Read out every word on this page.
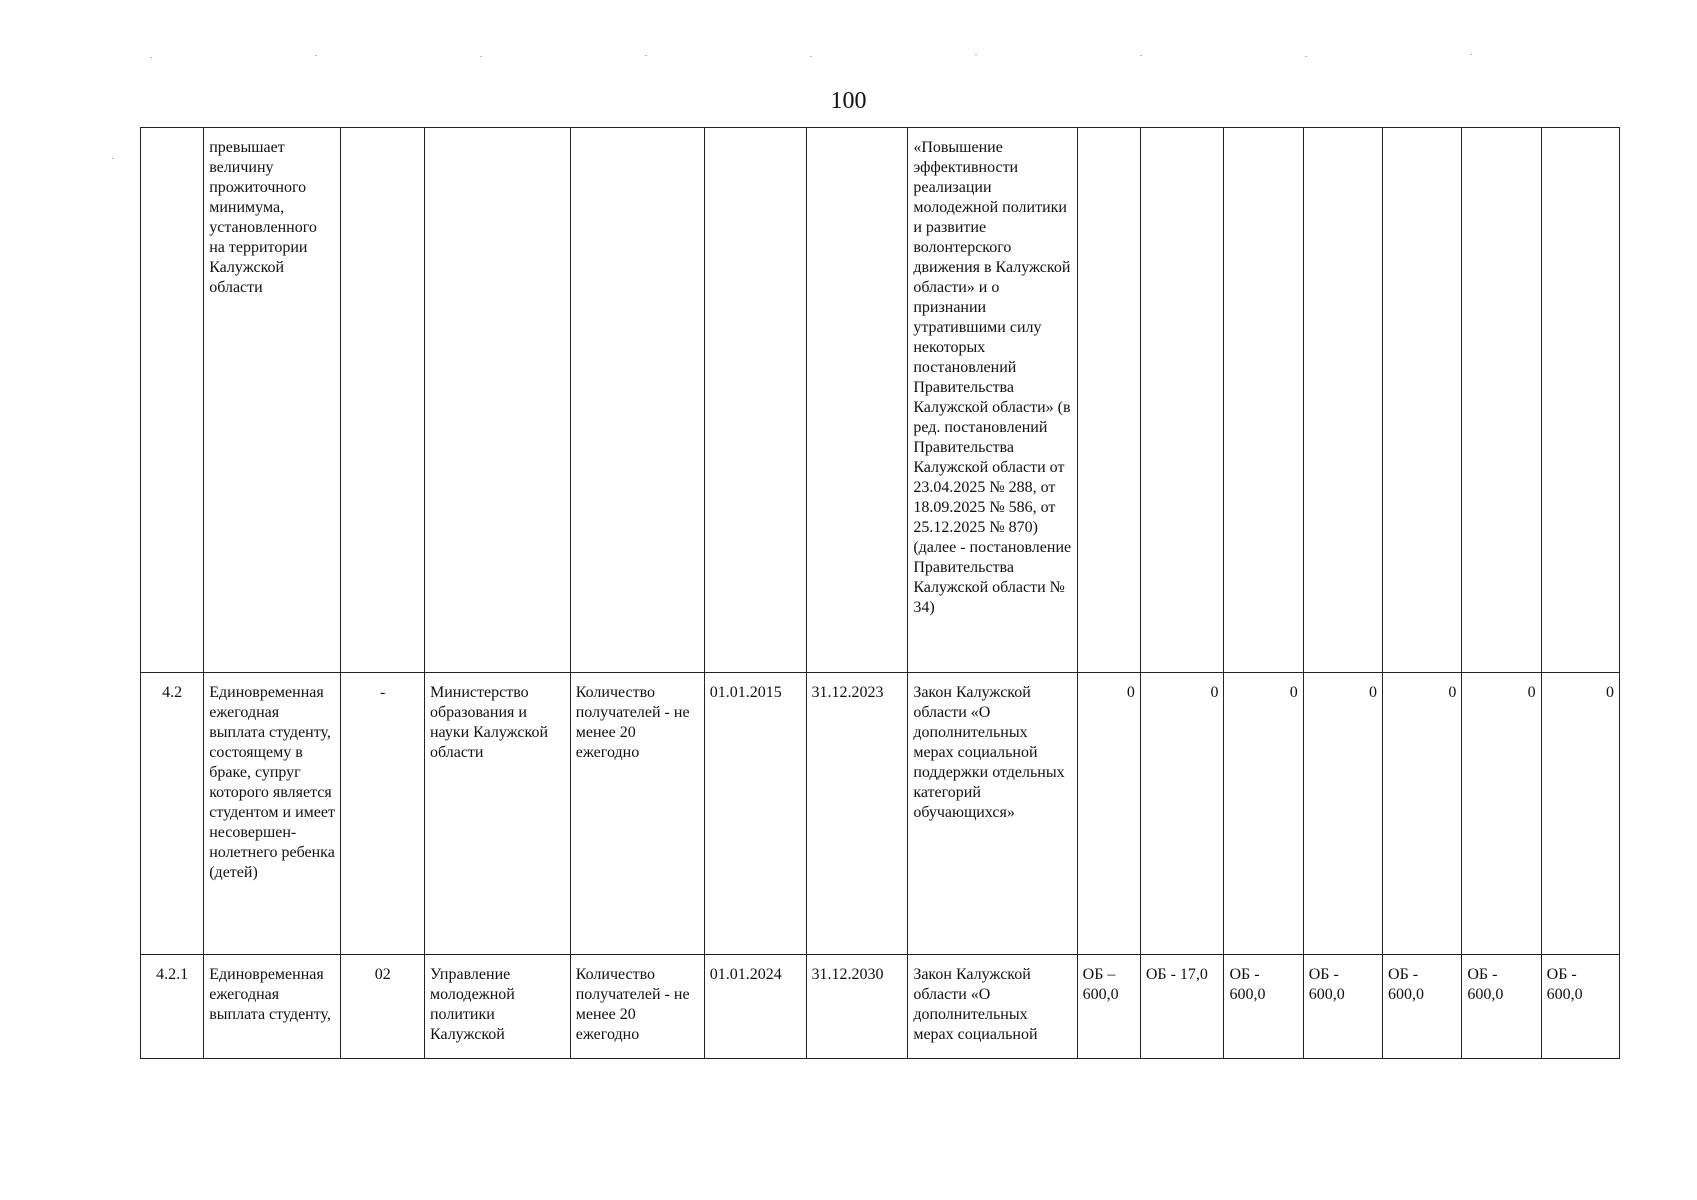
100
	превышает величину прожиточного минимума, установленного на территории Калужской области						«Повышение эффективности реализации молодежной политики и развитие волонтерского движения в Калужской области» и о признании утратившими силу некоторых постановлений Правительства Калужской области» (в ред. постановлений Правительства Калужской области от 23.04.2025 № 288, от 18.09.2025 № 586, от 25.12.2025 № 870) (далее - постановление Правительства Калужской области № 34)							
4.2	Единовременная ежегодная выплата студенту, состоящему в браке, супруг которого является студентом и имеет несовершен-нолетнего ребенка (детей)	-	Министерство образования и науки Калужской области	Количество получателей - не менее 20 ежегодно	01.01.2015	31.12.2023	Закон Калужской области «О дополнительных мерах социальной поддержки отдельных категорий обучающихся»	0	0	0	0	0	0	0
4.2.1	Единовременная ежегодная выплата студенту,	02	Управление молодежной политики Калужской	Количество получателей - не менее 20 ежегодно	01.01.2024	31.12.2030	Закон Калужской области «О дополнительных мерах социальной	ОБ – 600,0	ОБ - 17,0	ОБ - 600,0	ОБ - 600,0	ОБ - 600,0	ОБ - 600,0	ОБ - 600,0
